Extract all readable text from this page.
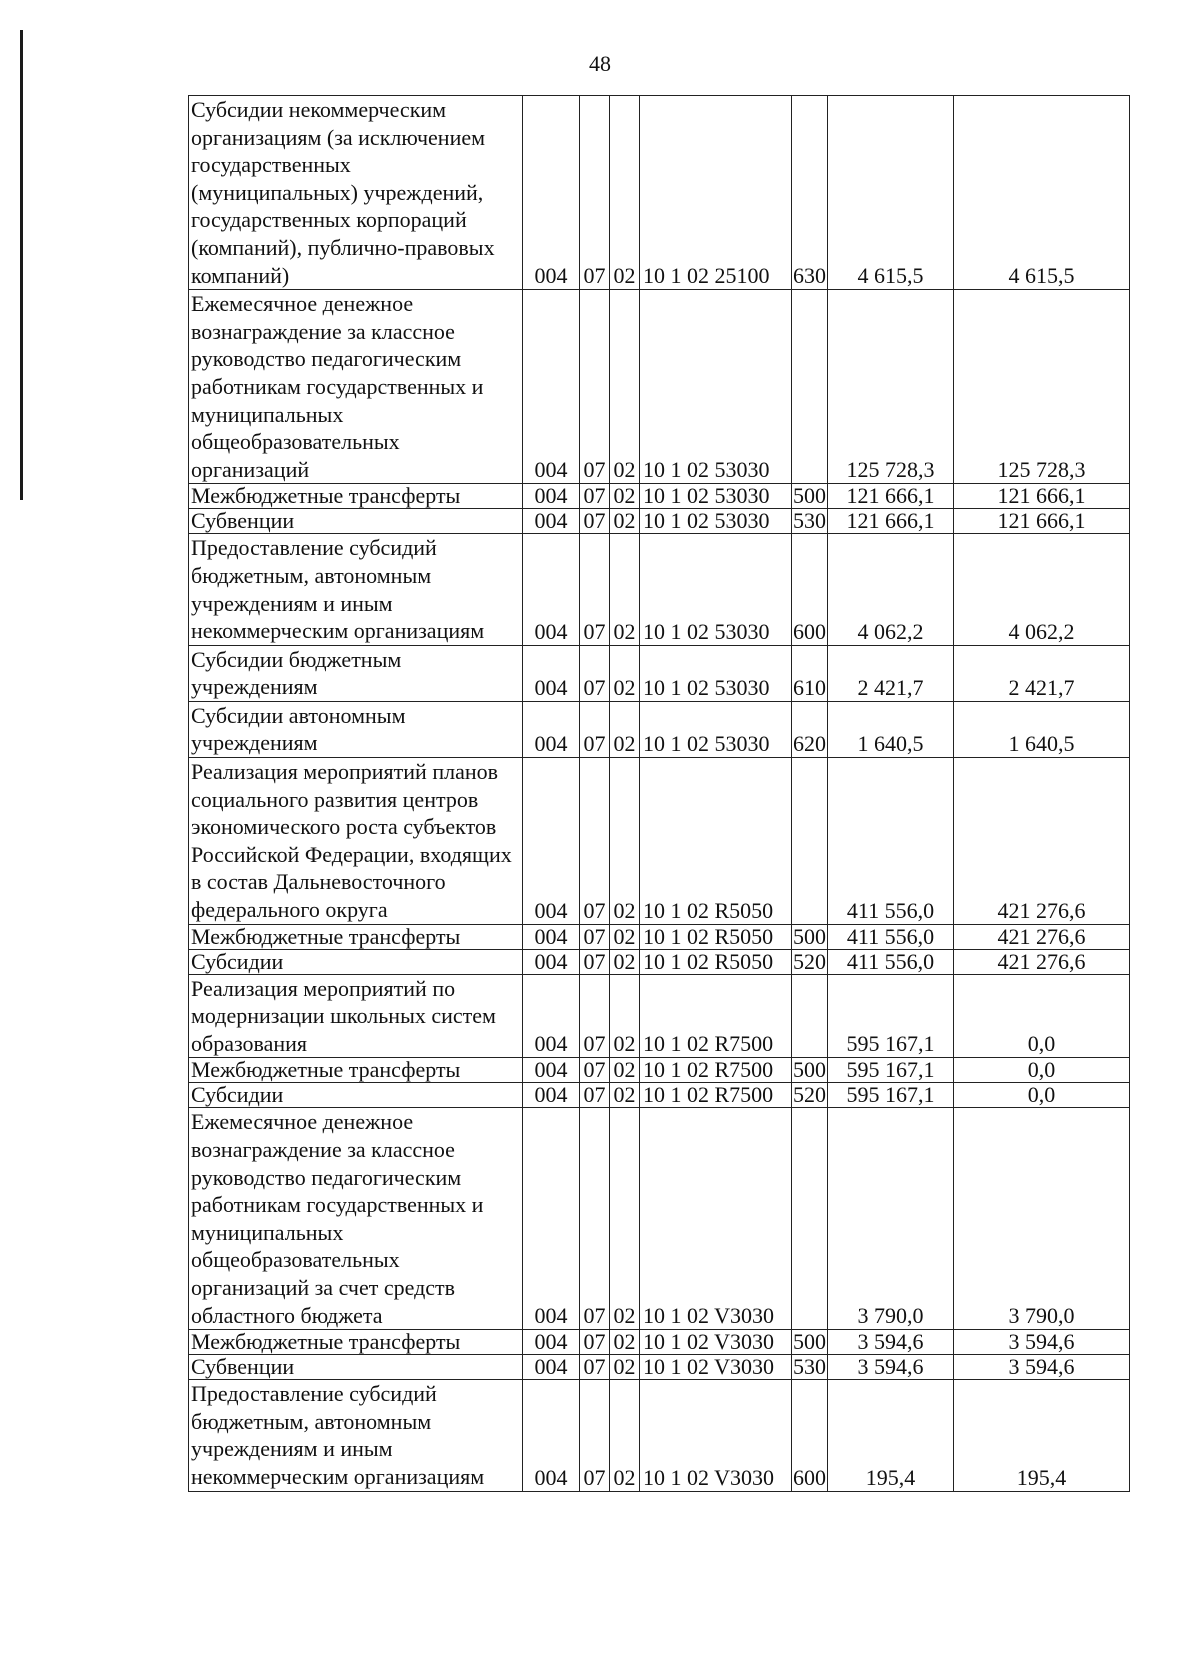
48
Субсидии некоммерческим организациям (за исключением государственных (муниципальных) учреждений, государственных корпораций (компаний), публично-правовых компаний)	004	07	02	10 1 02 25100	630	4 615,5	4 615,5
Ежемесячное денежное вознаграждение за классное руководство педагогическим работникам государственных и муниципальных общеобразовательных организаций	004	07	02	10 1 02 53030		125 728,3	125 728,3
Межбюджетные трансферты	004	07	02	10 1 02 53030	500	121 666,1	121 666,1
Субвенции	004	07	02	10 1 02 53030	530	121 666,1	121 666,1
Предоставление субсидий бюджетным, автономным учреждениям и иным некоммерческим организациям	004	07	02	10 1 02 53030	600	4 062,2	4 062,2
Субсидии бюджетным учреждениям	004	07	02	10 1 02 53030	610	2 421,7	2 421,7
Субсидии автономным учреждениям	004	07	02	10 1 02 53030	620	1 640,5	1 640,5
Реализация мероприятий планов социального развития центров экономического роста субъектов Российской Федерации, входящих в состав Дальневосточного федерального округа	004	07	02	10 1 02 R5050		411 556,0	421 276,6
Межбюджетные трансферты	004	07	02	10 1 02 R5050	500	411 556,0	421 276,6
Субсидии	004	07	02	10 1 02 R5050	520	411 556,0	421 276,6
Реализация мероприятий по модернизации школьных систем образования	004	07	02	10 1 02 R7500		595 167,1	0,0
Межбюджетные трансферты	004	07	02	10 1 02 R7500	500	595 167,1	0,0
Субсидии	004	07	02	10 1 02 R7500	520	595 167,1	0,0
Ежемесячное денежное вознаграждение за классное руководство педагогическим работникам государственных и муниципальных общеобразовательных организаций за счет средств областного бюджета	004	07	02	10 1 02 V3030		3 790,0	3 790,0
Межбюджетные трансферты	004	07	02	10 1 02 V3030	500	3 594,6	3 594,6
Субвенции	004	07	02	10 1 02 V3030	530	3 594,6	3 594,6
Предоставление субсидий бюджетным, автономным учреждениям и иным некоммерческим организациям	004	07	02	10 1 02 V3030	600	195,4	195,4
